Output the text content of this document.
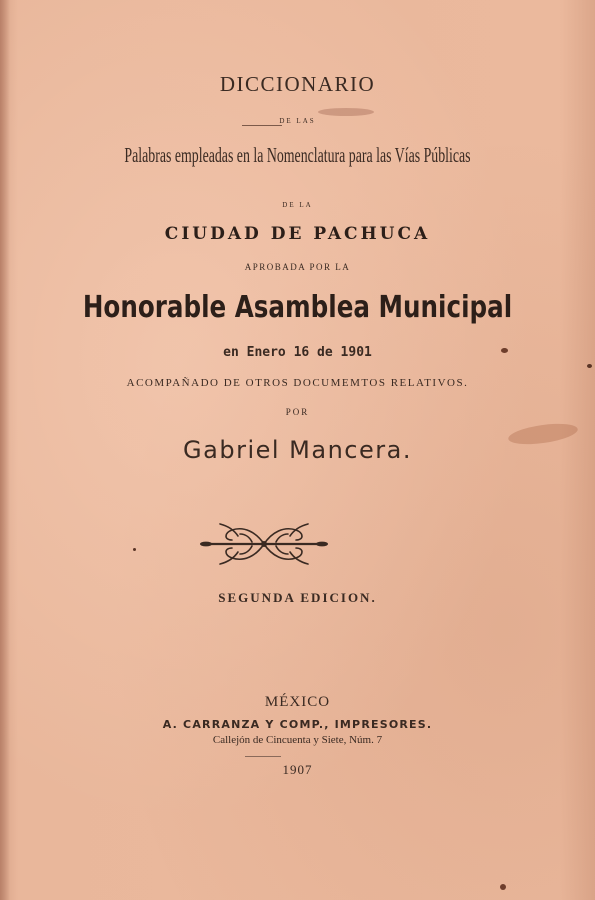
DICCIONARIO
DE LAS
Palabras empleadas en la Nomenclatura para las Vías Públicas
DE LA
CIUDAD DE PACHUCA
APROBADA POR LA
Honorable Asamblea Municipal
en Enero 16 de 1901
ACOMPAÑADO DE OTROS DOCUMEMTOS RELATIVOS.
POR
Gabriel Mancera.
SEGUNDA EDICION.
MÉXICO
A. CARRANZA Y COMP., IMPRESORES.
Callejón de Cincuenta y Siete, Núm. 7
1907
